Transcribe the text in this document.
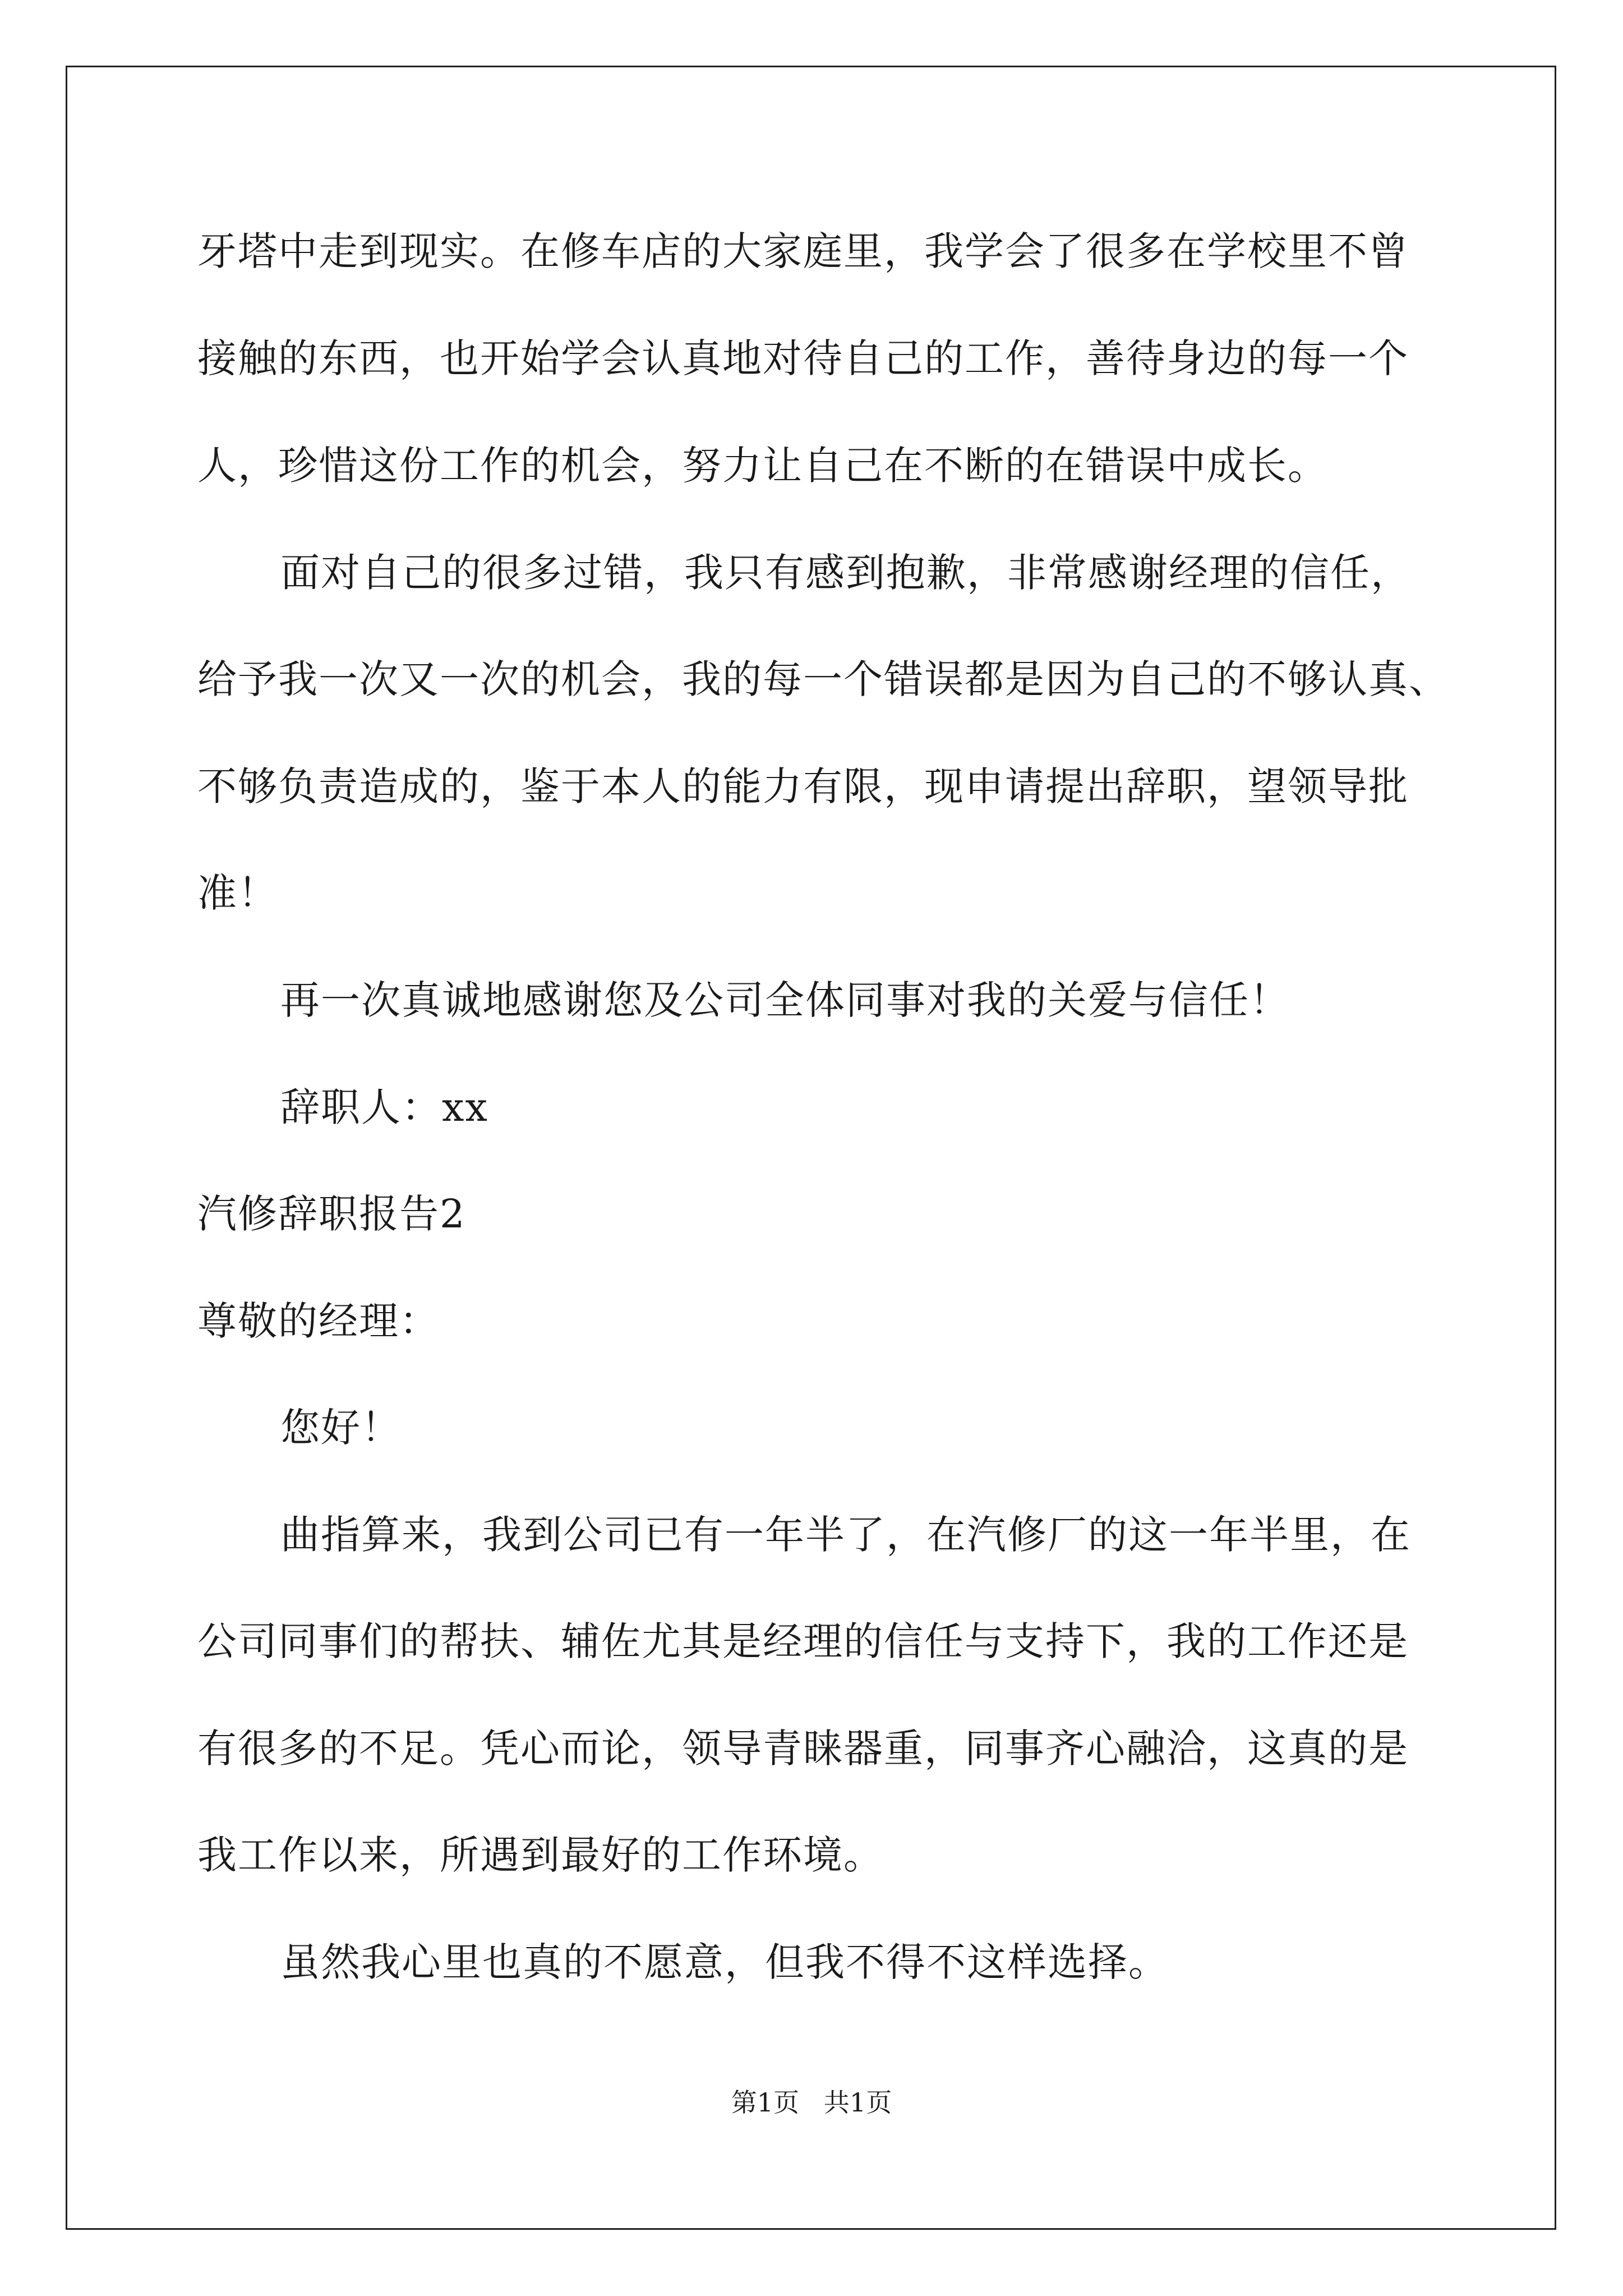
牙塔中走到现实。在修车店的大家庭里，我学会了很多在学校里不曾
接触的东西，也开始学会认真地对待自己的工作，善待身边的每一个
人，珍惜这份工作的机会，努力让自己在不断的在错误中成长。
面对自己的很多过错，我只有感到抱歉，非常感谢经理的信任，
给予我一次又一次的机会，我的每一个错误都是因为自己的不够认真、
不够负责造成的，鉴于本人的能力有限，现申请提出辞职，望领导批
准！
再一次真诚地感谢您及公司全体同事对我的关爱与信任！
辞职人：xx
汽修辞职报告2
尊敬的经理：
您好！
曲指算来，我到公司已有一年半了，在汽修厂的这一年半里，在
公司同事们的帮扶、辅佐尤其是经理的信任与支持下，我的工作还是
有很多的不足。凭心而论，领导青睐器重，同事齐心融洽，这真的是
我工作以来，所遇到最好的工作环境。
虽然我心里也真的不愿意，但我不得不这样选择。
第1页   共1页
